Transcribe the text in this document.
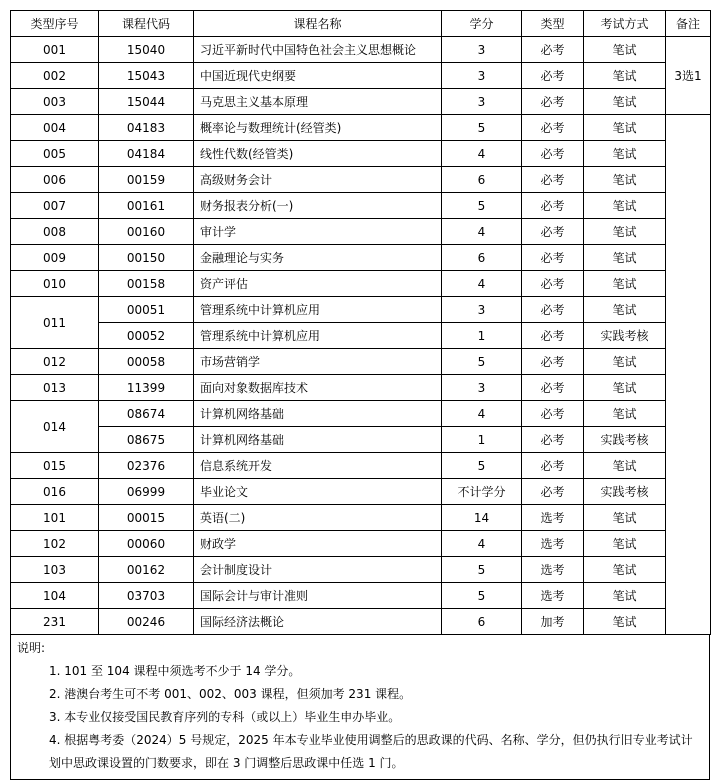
类型序号	课程代码	课程名称	学分	类型	考试方式	备注
001	15040	习近平新时代中国特色社会主义思想概论	3	必考	笔试	3选1
002	15043	中国近现代史纲要	3	必考	笔试	
003	15044	马克思主义基本原理	3	必考	笔试	
004	04183	概率论与数理统计(经管类)	5	必考	笔试	
005	04184	线性代数(经管类)	4	必考	笔试	
006	00159	高级财务会计	6	必考	笔试	
007	00161	财务报表分析(一)	5	必考	笔试	
008	00160	审计学	4	必考	笔试	
009	00150	金融理论与实务	6	必考	笔试	
010	00158	资产评估	4	必考	笔试	
011	00051	管理系统中计算机应用	3	必考	笔试	
	00052	管理系统中计算机应用	1	必考	实践考核	
012	00058	市场营销学	5	必考	笔试	
013	11399	面向对象数据库技术	3	必考	笔试	
014	08674	计算机网络基础	4	必考	笔试	
	08675	计算机网络基础	1	必考	实践考核	
015	02376	信息系统开发	5	必考	笔试	
016	06999	毕业论文	不计学分	必考	实践考核	
101	00015	英语(二)	14	选考	笔试	
102	00060	财政学	4	选考	笔试	
103	00162	会计制度设计	5	选考	笔试	
104	03703	国际会计与审计准则	5	选考	笔试	
231	00246	国际经济法概论	6	加考	笔试	
说明:
1. 101 至 104 课程中须选考不少于 14 学分。
2. 港澳台考生可不考 001、002、003 课程，但须加考 231 课程。
3. 本专业仅接受国民教育序列的专科（或以上）毕业生申办毕业。
4. 根据粤考委（2024）5 号规定，2025 年本专业毕业使用调整后的思政课的代码、名称、学分，但仍执行旧专业考试计划中思政课设置的门数要求，即在 3 门调整后思政课中任选 1 门。
